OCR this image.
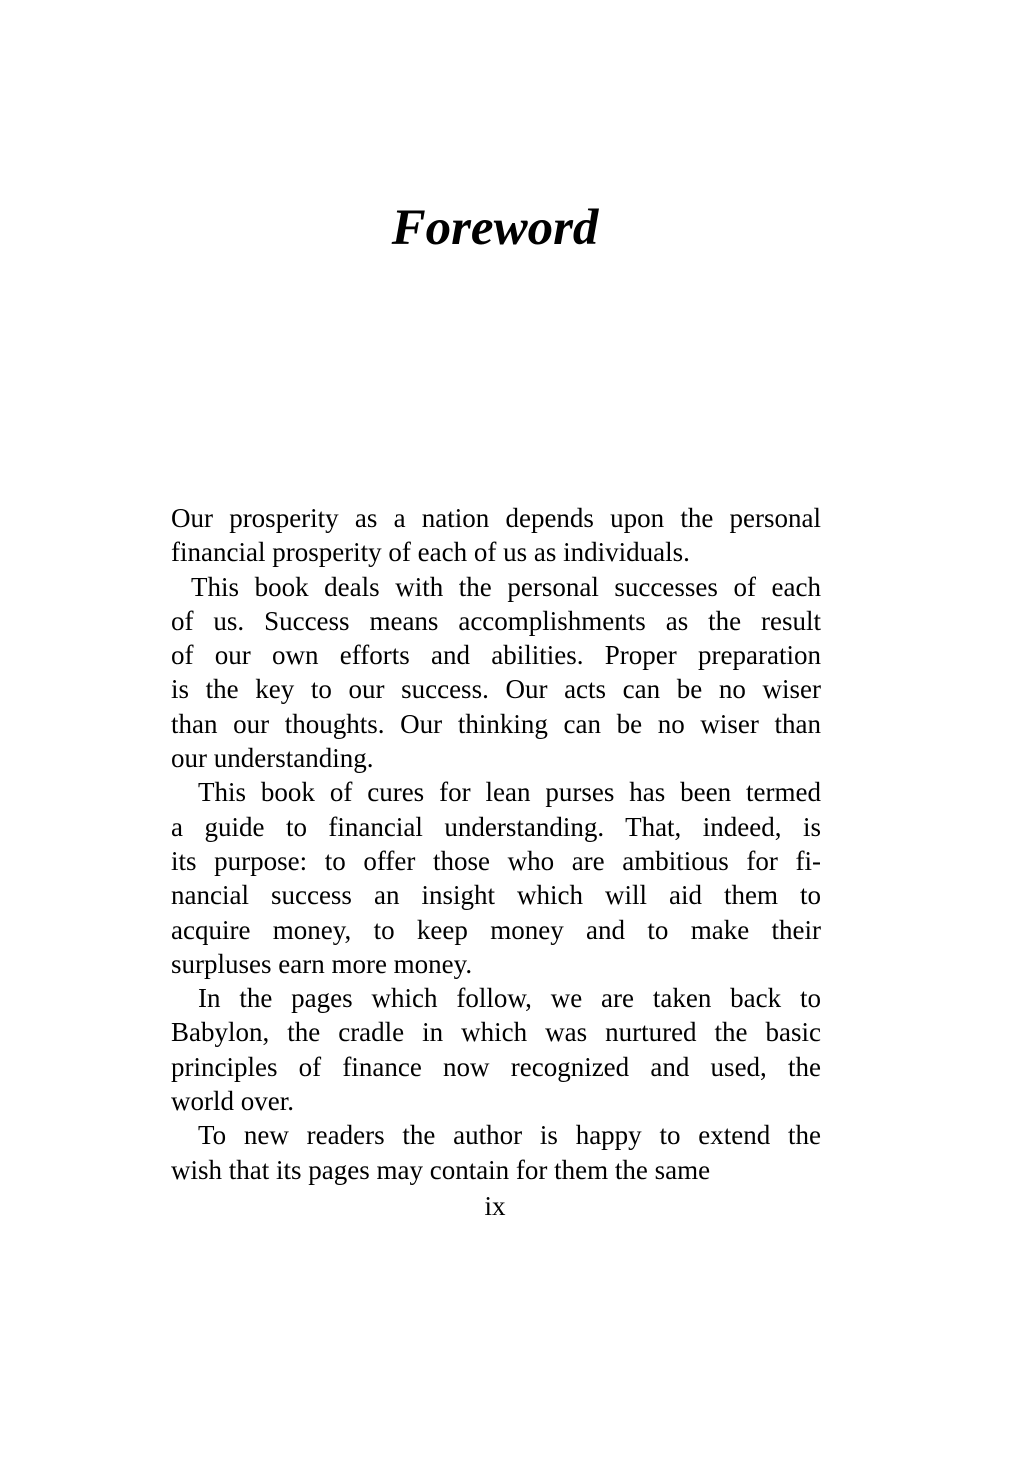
Foreword

Our prosperity as a nation depends upon the personal
financial prosperity of each of us as individuals.

This book deals with the personal successes of each
of us. Success means accomplishments as the result
of our own efforts and abilities. Proper preparation
is the key to our success. Our acts can be no wiser
than our thoughts. Our thinking can be no wiser than
our understanding.

This book of cures for lean purses has been termed
a guide to financial understanding. That, indeed, is
its purpose: to offer those who are ambitious for fi-
nancial success an insight which will aid them to
acquire money, to keep money and to make their
surpluses earn more money.

In the pages which follow, we are taken back to
Babylon, the cradle in which was nurtured the basic
principles of finance now recognized and used, the
world over.

To new readers the author is happy to extend the
wish that its pages may contain for them the same

ix
